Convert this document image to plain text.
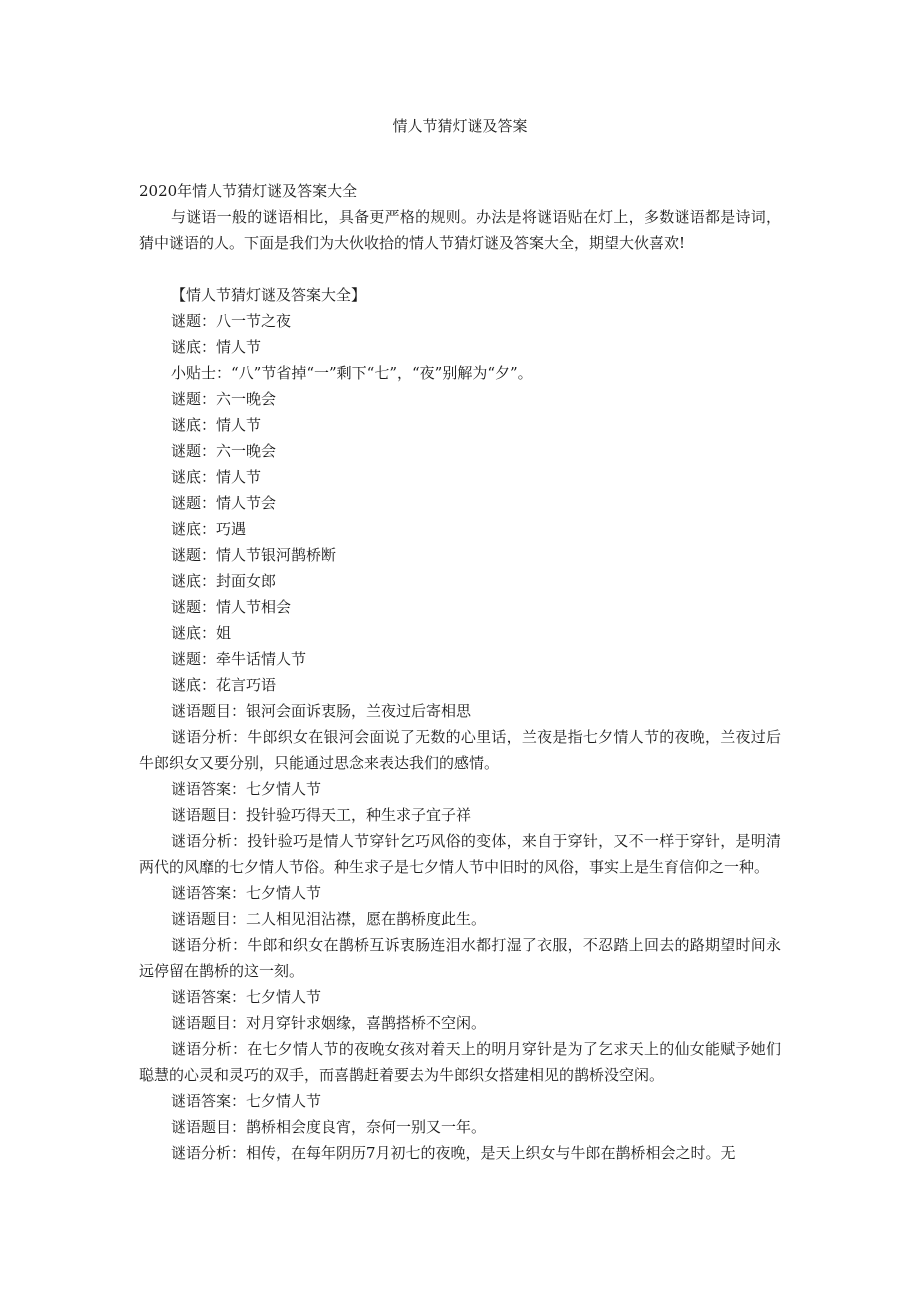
情人节猜灯谜及答案

2020年情人节猜灯谜及答案大全

与谜语一般的谜语相比，具备更严格的规则。办法是将谜语贴在灯上，多数谜语都是诗词，猜中谜语的人。下面是我们为大伙收拾的情人节猜灯谜及答案大全，期望大伙喜欢!

【情人节猜灯谜及答案大全】

谜题：八一节之夜

谜底：情人节

小贴士：“八”节省掉“一”剩下“七”，“夜”别解为“夕”。

谜题：六一晚会

谜底：情人节

谜题：六一晚会

谜底：情人节

谜题：情人节会

谜底：巧遇

谜题：情人节银河鹊桥断

谜底：封面女郎

谜题：情人节相会

谜底：姐

谜题：牵牛话情人节

谜底：花言巧语

谜语题目：银河会面诉衷肠，兰夜过后寄相思

谜语分析：牛郎织女在银河会面说了无数的心里话，兰夜是指七夕情人节的夜晚，兰夜过后牛郎织女又要分别，只能通过思念来表达我们的感情。

谜语答案：七夕情人节

谜语题目：投针验巧得天工，种生求子宜子祥

谜语分析：投针验巧是情人节穿针乞巧风俗的变体，来自于穿针，又不一样于穿针，是明清两代的风靡的七夕情人节俗。种生求子是七夕情人节中旧时的风俗，事实上是生育信仰之一种。

谜语答案：七夕情人节

谜语题目：二人相见泪沾襟，愿在鹊桥度此生。

谜语分析：牛郎和织女在鹊桥互诉衷肠连泪水都打湿了衣服，不忍踏上回去的路期望时间永远停留在鹊桥的这一刻。

谜语答案：七夕情人节

谜语题目：对月穿针求姻缘，喜鹊搭桥不空闲。

谜语分析：在七夕情人节的夜晚女孩对着天上的明月穿针是为了乞求天上的仙女能赋予她们聪慧的心灵和灵巧的双手，而喜鹊赶着要去为牛郎织女搭建相见的鹊桥没空闲。

谜语答案：七夕情人节

谜语题目：鹊桥相会度良宵，奈何一别又一年。

谜语分析：相传，在每年阴历7月初七的夜晚，是天上织女与牛郎在鹊桥相会之时。无
